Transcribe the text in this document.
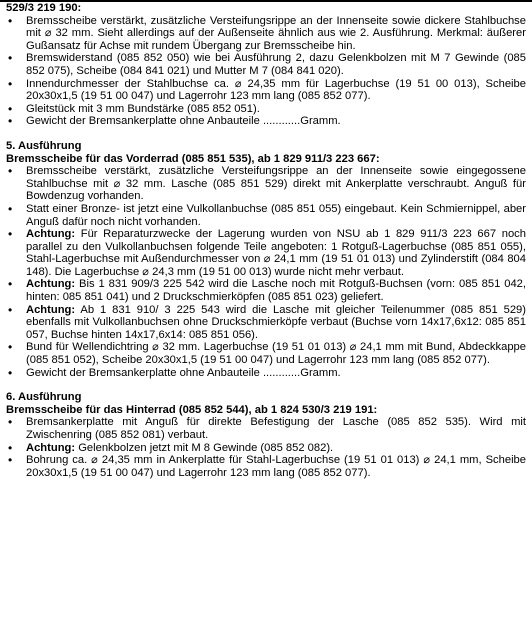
529/3 219 190:
• Bremsscheibe verstärkt, zusätzliche Versteifungsrippe an der Innenseite sowie dickere Stahlbuchse mit ⌀ 32 mm. Sieht allerdings auf der Außenseite ähnlich aus wie 2. Ausführung. Merkmal: äußerer Gußansatz für Achse mit rundem Übergang zur Bremsscheibe hin.
• Bremswiderstand (085 852 050) wie bei Ausführung 2, dazu Gelenkbolzen mit M 7 Gewinde (085 852 075), Scheibe (084 841 021) und Mutter M 7 (084 841 020).
• Innendurchmesser der Stahlbuchse ca. ⌀ 24,35 mm für Lagerbuchse (19 51 00 013), Scheibe 20x30x1,5 (19 51 00 047) und Lagerrohr 123 mm lang (085 852 077).
• Gleitstück mit 3 mm Bundstärke (085 852 051).
• Gewicht der Bremsankerplatte ohne Anbauteile ............Gramm.
5. Ausführung
Bremsscheibe für das Vorderrad (085 851 535), ab 1 829 911/3 223 667:
• Bremsscheibe verstärkt, zusätzliche Versteifungsrippe an der Innenseite sowie eingegossene Stahlbuchse mit ⌀ 32 mm. Lasche (085 851 529) direkt mit Ankerplatte verschraubt. Anguß für Bowdenzug vorhanden.
• Statt einer Bronze- ist jetzt eine Vulkollanbuchse (085 851 055) eingebaut. Kein Schmiernippel, aber Anguß dafür noch nicht vorhanden.
• Achtung: Für Reparaturzwecke der Lagerung wurden von NSU ab 1 829 911/3 223 667 noch parallel zu den Vulkollanbuchsen folgende Teile angeboten: 1 Rotguß-Lagerbuchse (085 851 055), Stahl-Lagerbuchse mit Außendurchmesser von ⌀ 24,1 mm (19 51 01 013) und Zylinderstift (084 804 148). Die Lagerbuchse ⌀ 24,3 mm (19 51 00 013) wurde nicht mehr verbaut.
• Achtung: Bis 1 831 909/3 225 542 wird die Lasche noch mit Rotguß-Buchsen (vorn: 085 851 042, hinten: 085 851 041) und 2 Druckschmierköpfen (085 851 023) geliefert.
• Achtung: Ab 1 831 910/ 3 225 543 wird die Lasche mit gleicher Teilenummer (085 851 529) ebenfalls mit Vulkollanbuchsen ohne Druckschmierköpfe verbaut (Buchse vorn 14x17,6x12: 085 851 057, Buchse hinten 14x17,6x14: 085 851 056).
• Bund für Wellendichtring ⌀ 32 mm. Lagerbuchse (19 51 01 013) ⌀ 24,1 mm mit Bund, Abdeckkappe (085 851 052), Scheibe 20x30x1,5 (19 51 00 047) und Lagerrohr 123 mm lang (085 852 077).
• Gewicht der Bremsankerplatte ohne Anbauteile ............Gramm.
6. Ausführung
Bremsscheibe für das Hinterrad (085 852 544), ab 1 824 530/3 219 191:
• Bremsankerplatte mit Anguß für direkte Befestigung der Lasche (085 852 535). Wird mit Zwischenring (085 852 081) verbaut.
• Achtung: Gelenkbolzen jetzt mit M 8 Gewinde (085 852 082).
• Bohrung ca. ⌀ 24,35 mm in Ankerplatte für Stahl-Lagerbuchse (19 51 01 013) ⌀ 24,1 mm, Scheibe 20x30x1,5 (19 51 00 047) und Lagerrohr 123 mm lang (085 852 077).
